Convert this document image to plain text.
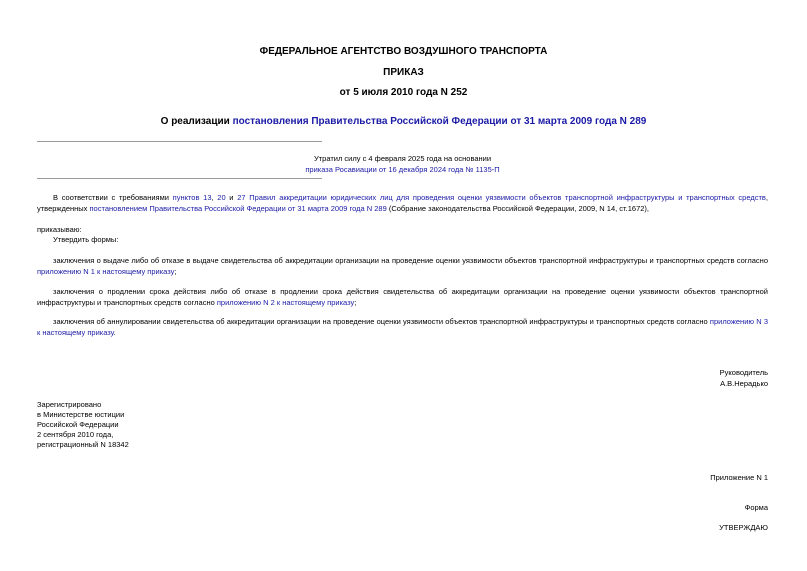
ФЕДЕРАЛЬНОЕ АГЕНТСТВО ВОЗДУШНОГО ТРАНСПОРТА
ПРИКАЗ
от 5 июля 2010 года N 252
О реализации постановления Правительства Российской Федерации от 31 марта 2009 года N 289
Утратил силу с 4 февраля 2025 года на основании
приказа Росавиации от 16 декабря 2024 года № 1135-П
В соответствии с требованиями пунктов 13, 20 и 27 Правил аккредитации юридических лиц для проведения оценки уязвимости объектов транспортной инфраструктуры и транспортных средств, утвержденных постановлением Правительства Российской Федерации от 31 марта 2009 года N 289 (Собрание законодательства Российской Федерации, 2009, N 14, ст.1672),
приказываю:
Утвердить формы:
заключения о выдаче либо об отказе в выдаче свидетельства об аккредитации организации на проведение оценки уязвимости объектов транспортной инфраструктуры и транспортных средств согласно приложению N 1 к настоящему приказу;
заключения о продлении срока действия либо об отказе в продлении срока действия свидетельства об аккредитации организации на проведение оценки уязвимости объектов транспортной инфраструктуры и транспортных средств согласно приложению N 2 к настоящему приказу;
заключения об аннулировании свидетельства об аккредитации организации на проведение оценки уязвимости объектов транспортной инфраструктуры и транспортных средств согласно приложению N 3 к настоящему приказу.
Руководитель
А.В.Нерадько
Зарегистрировано
в Министерстве юстиции
Российской Федерации
2 сентября 2010 года,
регистрационный N 18342
Приложение N 1
Форма
УТВЕРЖДАЮ
